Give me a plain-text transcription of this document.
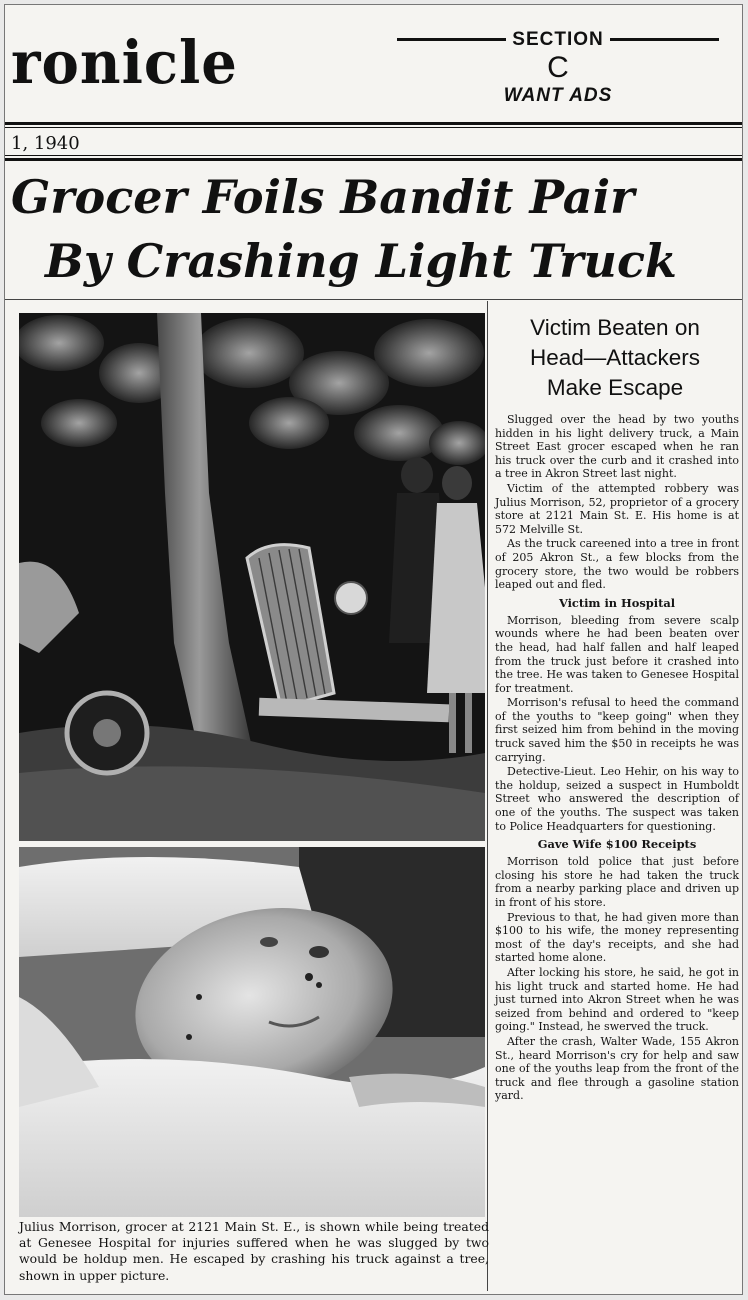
ronicle	SECTION
C
WANT ADS
1, 1940
Grocer Foils Bandit Pair
By Crashing Light Truck
Julius Morrison, grocer at 2121 Main St. E., is shown while being treated at Genesee Hospital for injuries suffered when he was slugged by two would be holdup men. He escaped by crashing his truck against a tree, shown in upper picture.
Victim Beaten on
Head—Attackers
Make Escape

Slugged over the head by two youths hidden in his light delivery truck, a Main Street East grocer escaped when he ran his truck over the curb and it crashed into a tree in Akron Street last night.

Victim of the attempted robbery was Julius Morrison, 52, proprietor of a grocery store at 2121 Main St. E. His home is at 572 Melville St.

As the truck careened into a tree in front of 205 Akron St., a few blocks from the grocery store, the two would be robbers leaped out and fled.

Victim in Hospital

Morrison, bleeding from severe scalp wounds where he had been beaten over the head, had half fallen and half leaped from the truck just before it crashed into the tree. He was taken to Genesee Hospital for treatment.

Morrison's refusal to heed the command of the youths to "keep going" when they first seized him from behind in the moving truck saved him the $50 in receipts he was carrying.

Detective-Lieut. Leo Hehir, on his way to the holdup, seized a suspect in Humboldt Street who answered the description of one of the youths. The suspect was taken to Police Headquarters for questioning.

Gave Wife $100 Receipts

Morrison told police that just before closing his store he had taken the truck from a nearby parking place and driven up in front of his store.

Previous to that, he had given more than $100 to his wife, the money representing most of the day's receipts, and she had started home alone.

After locking his store, he said, he got in his light truck and started home. He had just turned into Akron Street when he was seized from behind and ordered to "keep going." Instead, he swerved the truck.

After the crash, Walter Wade, 155 Akron St., heard Morrison's cry for help and saw one of the youths leap from the front of the truck and flee through a gasoline station yard.
